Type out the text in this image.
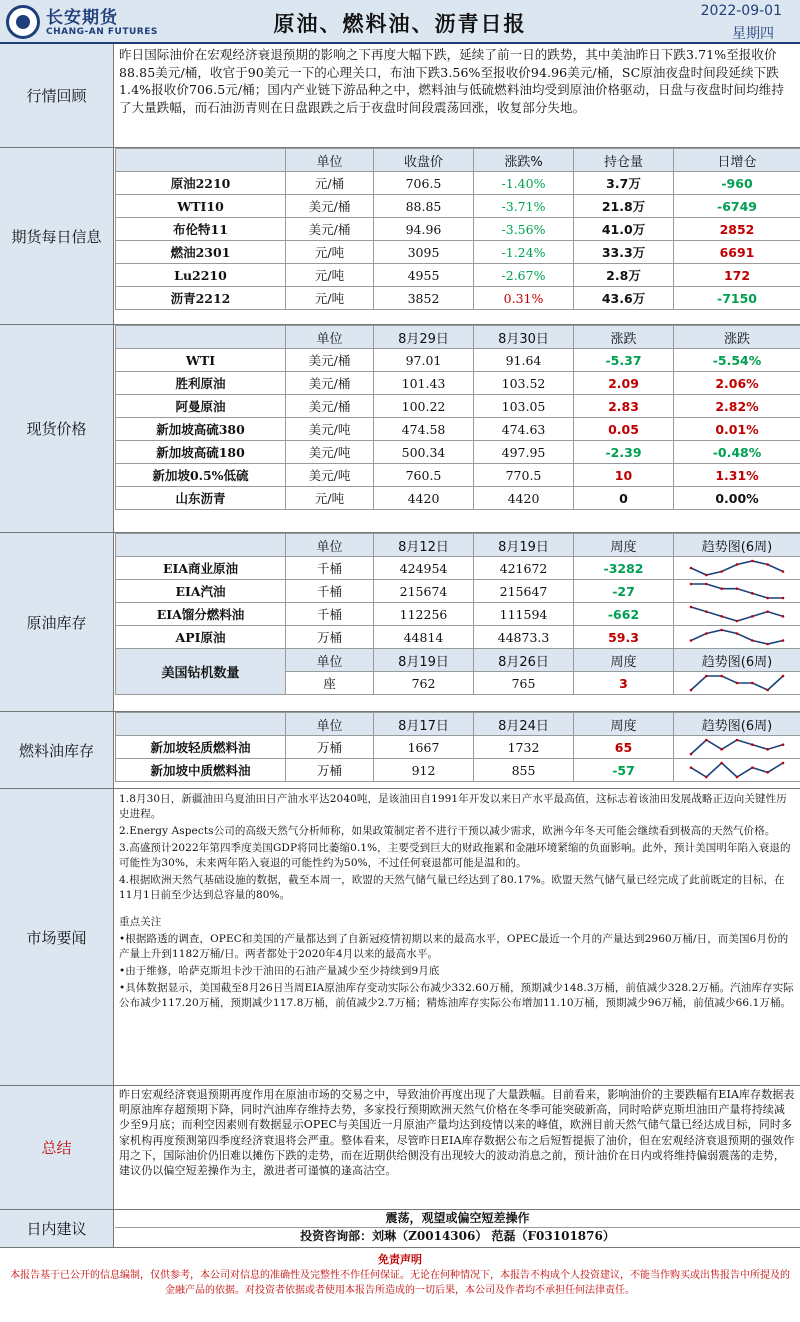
长安期货
CHANG-AN FUTURES	原油、燃料油、沥青日报
2022-09-01
星期四
行情回顾
昨日国际油价在宏观经济衰退预期的影响之下再度大幅下跌，延续了前一日的跌势，其中美油昨日下跌3.71%至报收价88.85美元/桶，收官于90美元一下的心理关口，布油下跌3.56%至报收价94.96美元/桶，SC原油夜盘时间段延续下跌1.4%报收价706.5元/桶；国内产业链下游品种之中，燃料油与低硫燃料油均受到原油价格驱动，日盘与夜盘时间均维持了大量跌幅，而石油沥青则在日盘跟跌之后于夜盘时间段震荡回涨，收复部分失地。
期货每日信息
	单位	收盘价	涨跌%	持仓量	日增仓
原油2210	元/桶	706.5	-1.40%	3.7万	-960
WTI10	美元/桶	88.85	-3.71%	21.8万	-6749
布伦特11	美元/桶	94.96	-3.56%	41.0万	2852
燃油2301	元/吨	3095	-1.24%	33.3万	6691
Lu2210	元/吨	4955	-2.67%	2.8万	172
沥青2212	元/吨	3852	0.31%	43.6万	-7150
现货价格
	单位	8月29日	8月30日	涨跌	涨跌
WTI	美元/桶	97.01	91.64	-5.37	-5.54%
胜利原油	美元/桶	101.43	103.52	2.09	2.06%
阿曼原油	美元/桶	100.22	103.05	2.83	2.82%
新加坡高硫380	美元/吨	474.58	474.63	0.05	0.01%
新加坡高硫180	美元/吨	500.34	497.95	-2.39	-0.48%
新加坡0.5%低硫	美元/吨	760.5	770.5	10	1.31%
山东沥青	元/吨	4420	4420	0	0.00%
原油库存
	单位	8月12日	8月19日	周度	趋势图(6周)
EIA商业原油	千桶	424954	421672	-3282	

EIA汽油	千桶	215674	215647	-27	

EIA馏分燃料油	千桶	112256	111594	-662	

API原油	万桶	44814	44873.3	59.3	

美国钻机数量	单位	8月19日	8月26日	周度	趋势图(6周)
	座	762	765	3	
燃料油库存
	单位	8月17日	8月24日	周度	趋势图(6周)
新加坡轻质燃料油	万桶	1667	1732	65	

新加坡中质燃料油	万桶	912	855	-57	
市场要闻
1.8月30日，新疆油田乌夏油田日产油水平达2040吨，是该油田自1991年开发以来日产水平最高值，这标志着该油田发展战略正迈向关键性历史进程。
2.Energy Aspects公司的高级天然气分析师称，如果政策制定者不进行干预以减少需求，欧洲今年冬天可能会继续看到极高的天然气价格。
3.高盛预计2022年第四季度美国GDP将同比萎缩0.1%，主要受到巨大的财政拖累和金融环境紧缩的负面影响。此外，预计美国明年陷入衰退的可能性为30%，未来两年陷入衰退的可能性约为50%，不过任何衰退都可能是温和的。
4.根据欧洲天然气基础设施的数据，截至本周一，欧盟的天然气储气量已经达到了80.17%。欧盟天然气储气量已经完成了此前既定的目标，在11月1日前至少达到总容量的80%。
重点关注
•根据路透的调查，OPEC和美国的产量都达到了自新冠疫情初期以来的最高水平，OPEC最近一个月的产量达到2960万桶/日，而美国6月份的产量上升到1182万桶/日。两者都处于2020年4月以来的最高水平。
•由于维修，哈萨克斯坦卡沙干油田的石油产量减少至少持续到9月底
•具体数据显示，美国截至8月26日当周EIA原油库存变动实际公布减少332.60万桶，预期减少148.3万桶，前值减少328.2万桶。汽油库存实际公布减少117.20万桶，预期减少117.8万桶，前值减少2.7万桶；精炼油库存实际公布增加11.10万桶，预期减少96万桶，前值减少66.1万桶。
总结
昨日宏观经济衰退预期再度作用在原油市场的交易之中，导致油价再度出现了大量跌幅。目前看来，影响油价的主要跌幅有EIA库存数据表明原油库存超预期下降，同时汽油库存维持去势，多家投行预期欧洲天然气价格在冬季可能突破新高，同时哈萨克斯坦油田产量将持续减少至9月底；而利空因素则有数据显示OPEC与美国近一月原油产量均达到疫情以来的峰值，欧洲目前天然气储气量已经达成目标，同时多家机构再度预测第四季度经济衰退将会严重。整体看来，尽管昨日EIA库存数据公布之后短暂提振了油价，但在宏观经济衰退预期的强效作用之下，国际油价仍旧难以摊伤下跌的走势，而在近期供给侧没有出现较大的波动消息之前，预计油价在日内或将维持偏弱震荡的走势，建议仍以偏空短差操作为主，激进者可谨慎的逢高沽空。
日内建议
震荡，观望或偏空短差操作
投资咨询部：刘琳（Z0014306） 范磊（F03101876）
免责声明
本报告基于已公开的信息编制，仅供参考，本公司对信息的准确性及完整性不作任何保证。无论在何种情况下，本报告不构成个人投资建议，不能当作购买或出售报告中所提及的金融产品的依据。对投资者依据或者使用本报告所造成的一切后果，本公司及作者均不承担任何法律责任。
